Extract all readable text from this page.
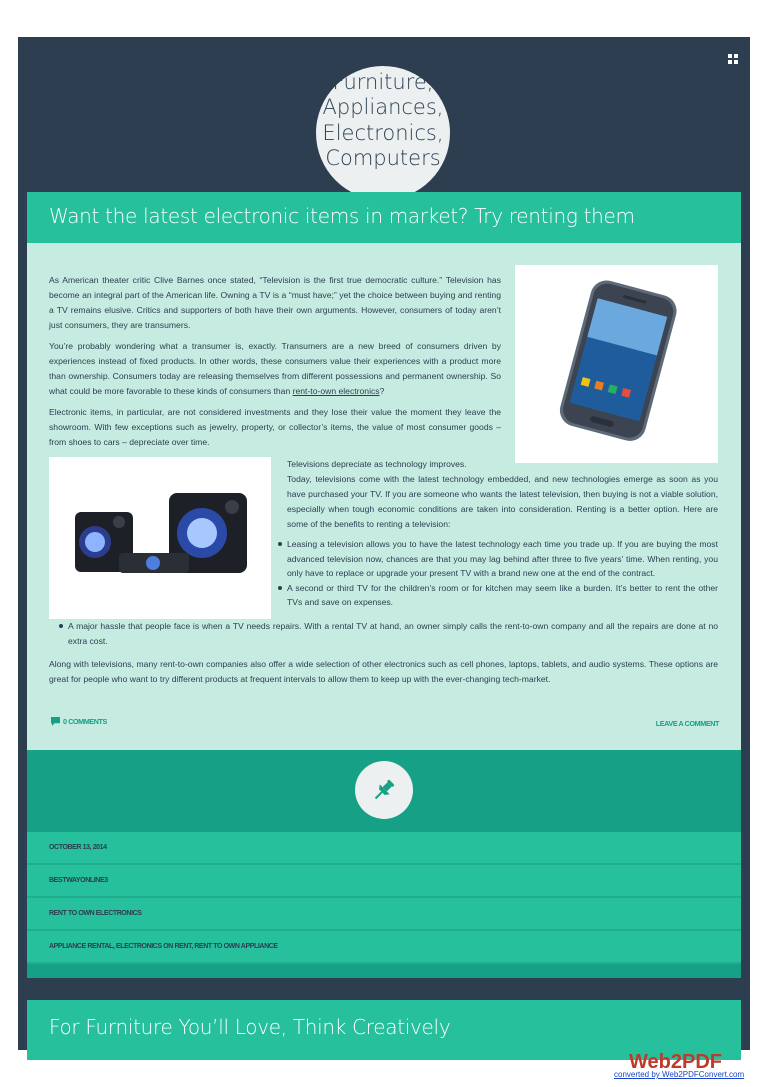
Rent to Own Furniture, Appliances, Electronics, Computers
Want the latest electronic items in market? Try renting them

As American theater critic Clive Barnes once stated, “Television is the first true democratic culture.” Television has become an integral part of the American life. Owning a TV is a “must have;” yet the choice between buying and renting a TV remains elusive. Critics and supporters of both have their own arguments. However, consumers of today aren’t just consumers, they are transumers.

You’re probably wondering what a transumer is, exactly. Transumers are a new breed of consumers driven by experiences instead of fixed products. In other words, these consumers value their experiences with a product more than ownership. Consumers today are releasing themselves from different possessions and permanent ownership. So what could be more favorable to these kinds of consumers than rent-to-own electronics?

Electronic items, in particular, are not considered investments and they lose their value the moment they leave the showroom. With few exceptions such as jewelry, property, or collector’s items, the value of most consumer goods – from shoes to cars – depreciate over time.

Televisions depreciate as technology improves.

Today, televisions come with the latest technology embedded, and new technologies emerge as soon as you have purchased your TV. If you are someone who wants the latest television, then buying is not a viable solution, especially when tough economic conditions are taken into consideration. Renting is a better option. Here are some of the benefits to renting a television:

Leasing a television allows you to have the latest technology each time you trade up. If you are buying the most advanced television now, chances are that you may lag behind after three to five years’ time. When renting, you only have to replace or upgrade your present TV with a brand new one at the end of the contract.
A second or third TV for the children’s room or for kitchen may seem like a burden. It’s better to rent the other TVs and save on expenses.
A major hassle that people face is when a TV needs repairs. With a rental TV at hand, an owner simply calls the rent-to-own company and all the repairs are done at no extra cost.

Along with televisions, many rent-to-own companies also offer a wide selection of other electronics such as cell phones, laptops, tablets, and audio systems. These options are great for people who want to try different products at frequent intervals to allow them to keep up with the ever-changing tech-market.

0 COMMENTS	LEAVE A COMMENT
OCTOBER 13, 2014
BESTWAYONLINE3
RENT TO OWN ELECTRONICS
APPLIANCE RENTAL, ELECTRONICS ON RENT, RENT TO OWN APPLIANCE
For Furniture You’ll Love, Think Creatively
Web2PDF
converted by Web2PDFConvert.com
